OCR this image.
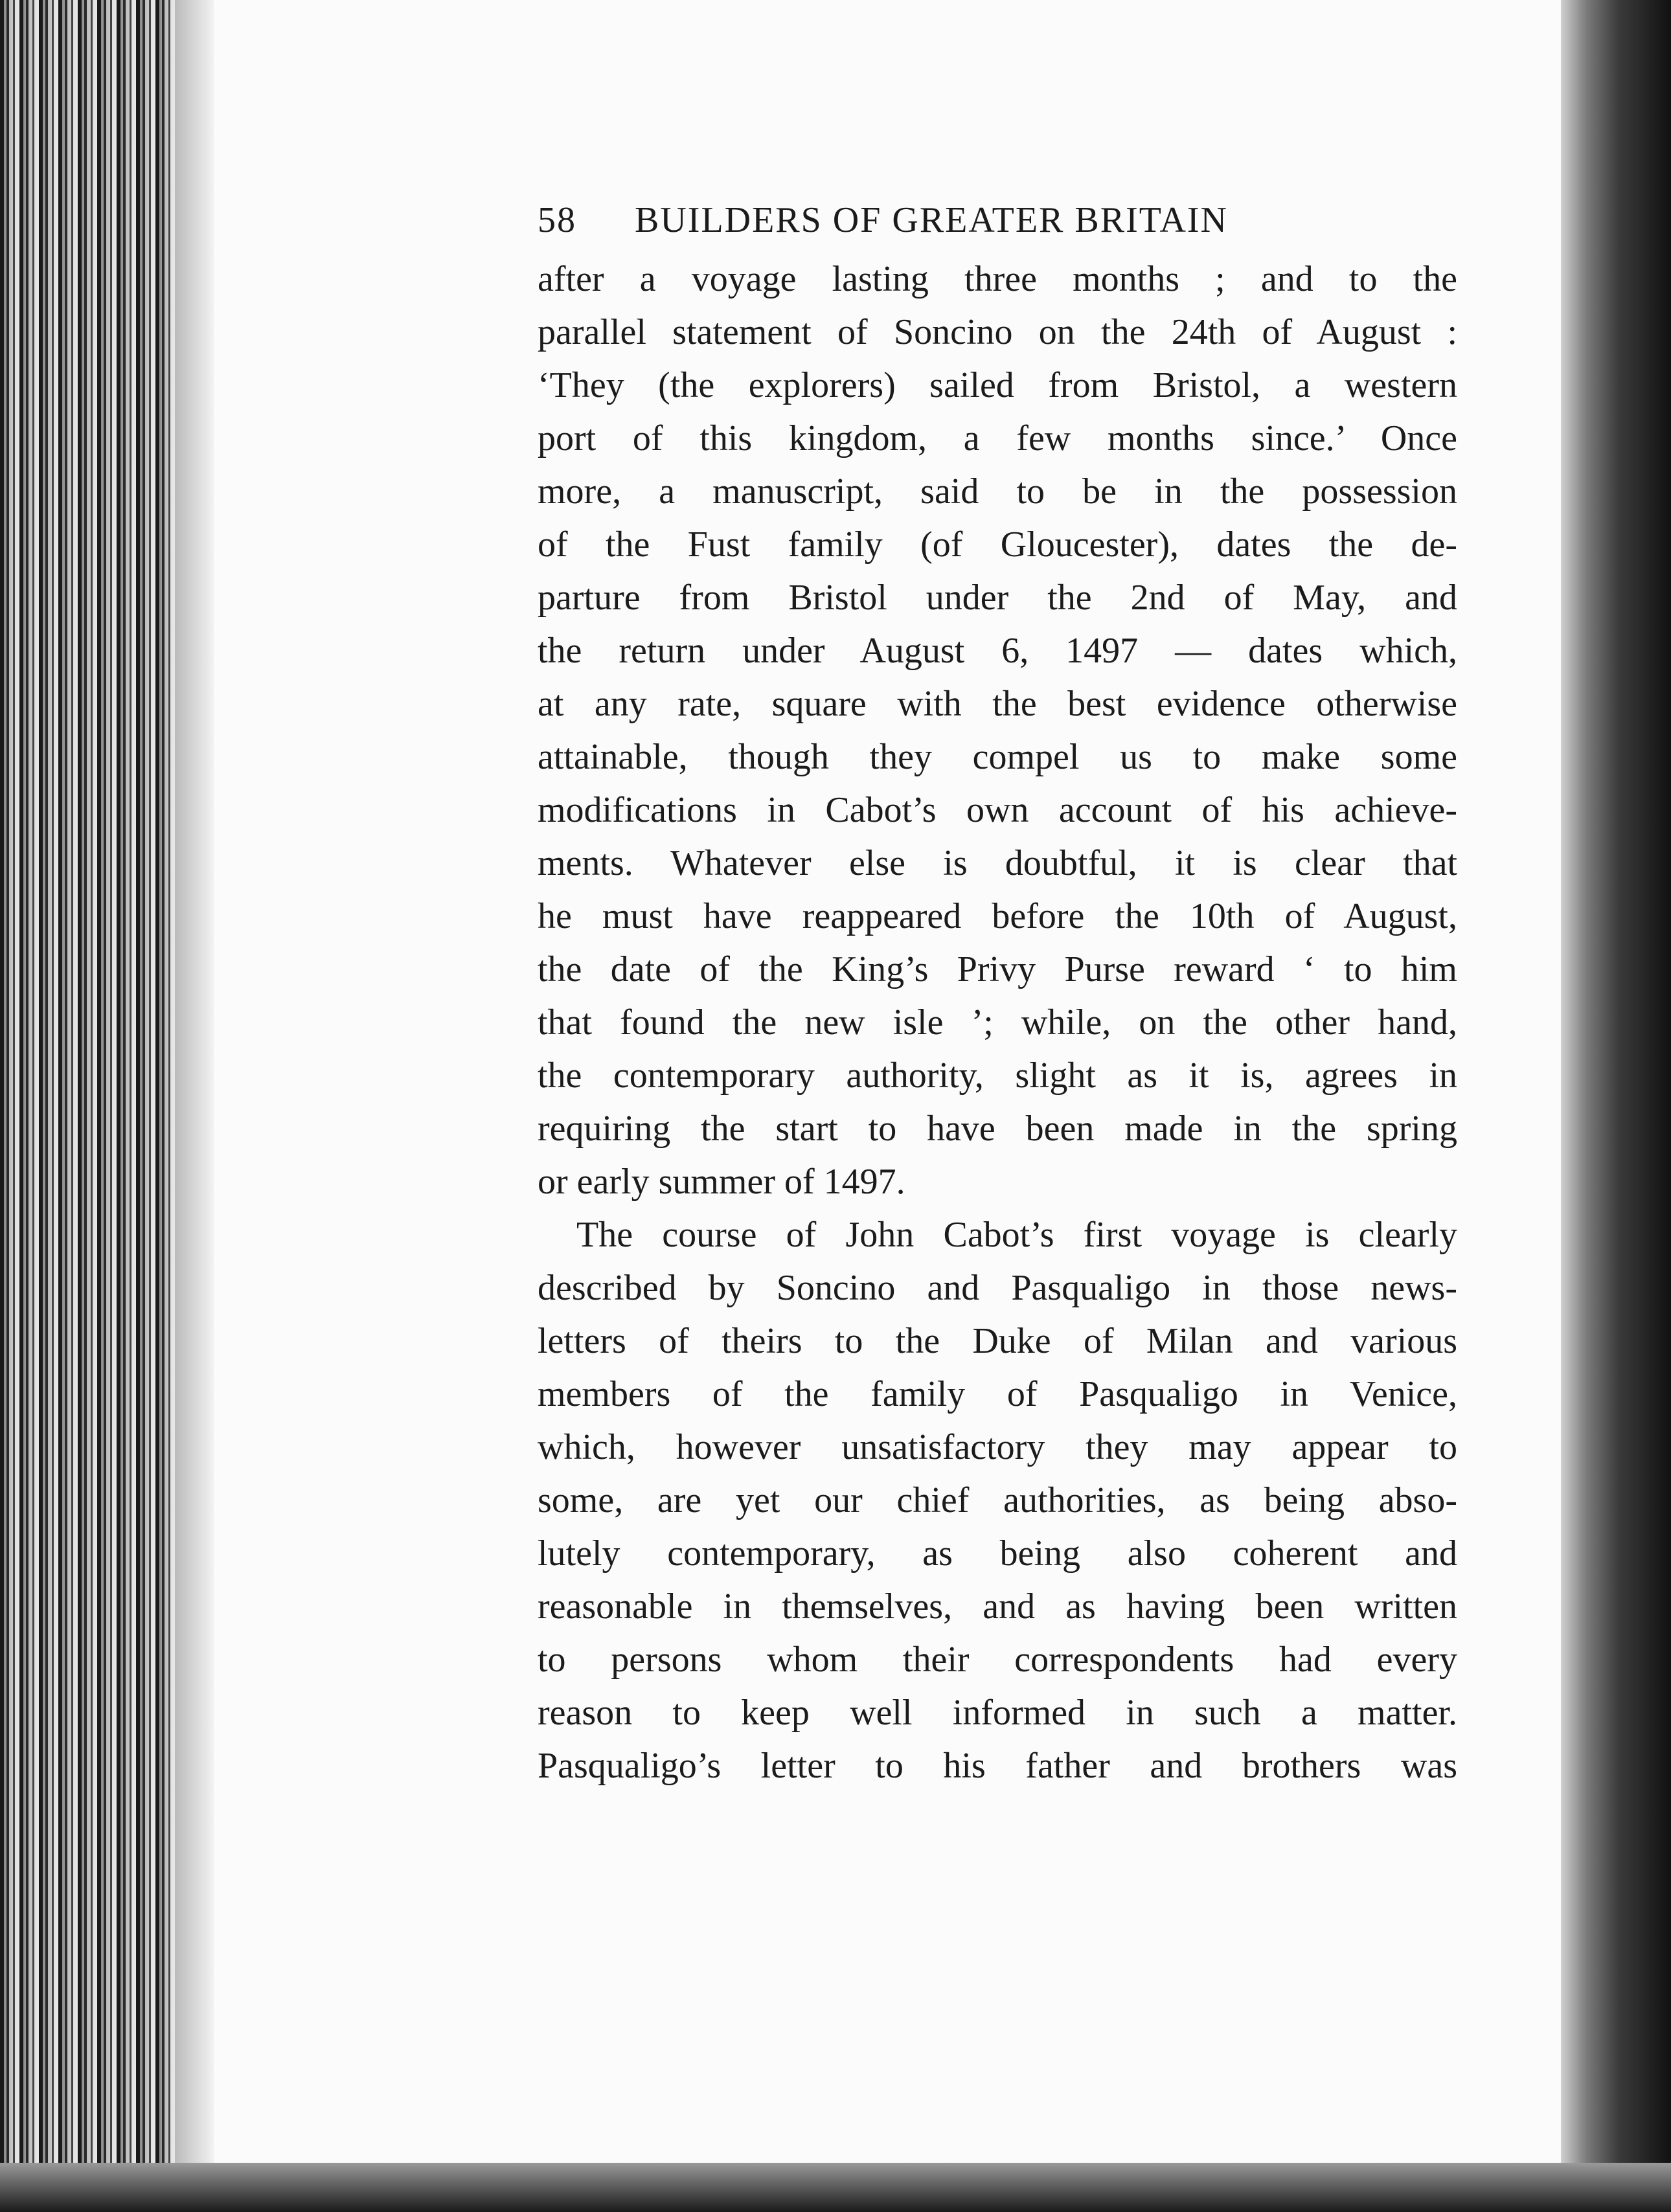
58 BUILDERS OF GREATER BRITAIN
after a voyage lasting three months ; and to the
parallel statement of Soncino on the 24th of August :
‘They (the explorers) sailed from Bristol, a western
port of this kingdom, a few months since.’ Once
more, a manuscript, said to be in the possession
of the Fust family (of Gloucester), dates the de-
parture from Bristol under the 2nd of May, and
the return under August 6, 1497 — dates which,
at any rate, square with the best evidence otherwise
attainable, though they compel us to make some
modifications in Cabot’s own account of his achieve-
ments. Whatever else is doubtful, it is clear that
he must have reappeared before the 10th of August,
the date of the King’s Privy Purse reward ‘ to him
that found the new isle ’; while, on the other hand,
the contemporary authority, slight as it is, agrees in
requiring the start to have been made in the spring
or early summer of 1497.
The course of John Cabot’s first voyage is clearly
described by Soncino and Pasqualigo in those news-
letters of theirs to the Duke of Milan and various
members of the family of Pasqualigo in Venice,
which, however unsatisfactory they may appear to
some, are yet our chief authorities, as being abso-
lutely contemporary, as being also coherent and
reasonable in themselves, and as having been written
to persons whom their correspondents had every
reason to keep well informed in such a matter.
Pasqualigo’s letter to his father and brothers was
